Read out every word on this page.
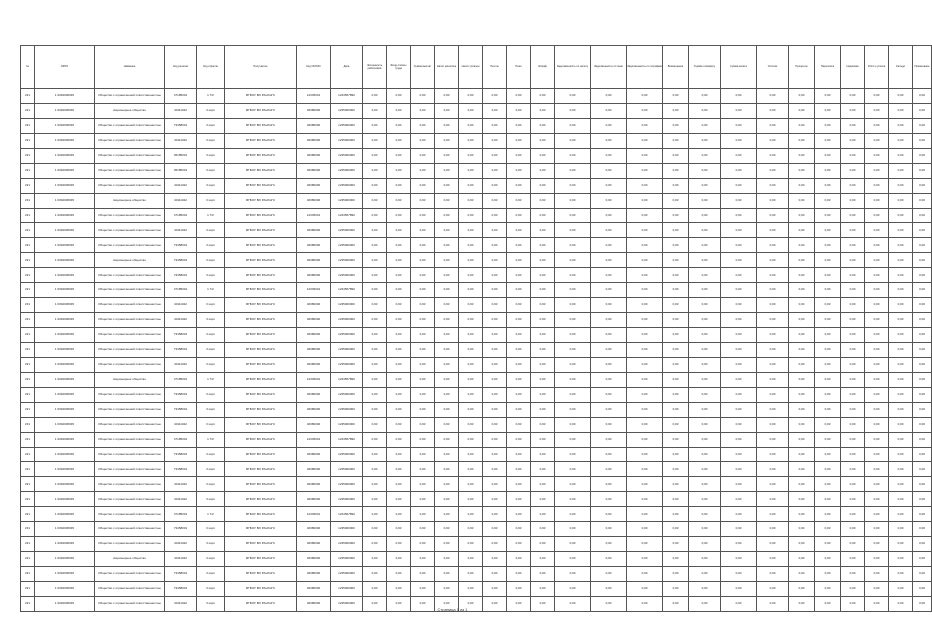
№	ОКПО	Название	Код региона	Код отрасли	Получатель	Код ОКТМО	Дата	Численность работников	Фонд оплаты труда	Сумма выплат	Налог начислен	Налог уплачен	Льготы	Пени	Штраф	Задолженность по налогу	Задолженность по пени	Задолженность по штрафам	Возмещение	Сумма к возврату	Сумма зачета	Остаток	Проценты	Переплата	Недоимка	Итого к уплате	Сальдо	Примечание
231	1 0094006645	Общество с ограниченной ответственностью	47185001	1 7/2	ФГБОУ ВО РАНХиГС	12345001	1234567890	0,00	0,00	0,00	0,00	0,00	0,00	0,00	0,00	0,00	0,00	0,00	0,00	0,00	0,00	0,00	0,00	0,00	0,00	0,00	0,00	0,00
231	1 0094006645	Акционерное общество	40111022	3 корп	ФГБОУ ВО РАНХиГС	46380000	1235000000	0,00	0,00	0,00	0,00	0,00	0,00	0,00	0,00	0,00	0,00	0,00	0,00	0,00	0,00	0,00	0,00	0,00	0,00	0,00	0,00	0,00
231	1 0094006645	Общество с ограниченной ответственностью	73458001	3 корп	ФГБОУ ВО РАНХиГС	46380000	1235000000	0,00	0,00	0,00	0,00	0,00	0,00	0,00	0,00	0,00	0,00	0,00	0,00	0,00	0,00	0,00	0,00	0,00	0,00	0,00	0,00	0,00
231	1 0094006645	Общество с ограниченной ответственностью	40111022	3 корп	ФГБОУ ВО РАНХиГС	46380000	1235000000	0,00	0,00	0,00	0,00	0,00	0,00	0,00	0,00	0,00	0,00	0,00	0,00	0,00	0,00	0,00	0,00	0,00	0,00	0,00	0,00	0,00
231	1 0094006645	Общество с ограниченной ответственностью	45185001	3 корп	ФГБОУ ВО РАНХиГС	46380000	1235000000	0,00	0,00	0,00	0,00	0,00	0,00	0,00	0,00	0,00	0,00	0,00	0,00	0,00	0,00	0,00	0,00	0,00	0,00	0,00	0,00	0,00
231	1 0094006645	Общество с ограниченной ответственностью	45185001	3 корп	ФГБОУ ВО РАНХиГС	46380000	1235000000	0,00	0,00	0,00	0,00	0,00	0,00	0,00	0,00	0,00	0,00	0,00	0,00	0,00	0,00	0,00	0,00	0,00	0,00	0,00	0,00	0,00
231	1 0094006645	Общество с ограниченной ответственностью	40111022	3 корп	ФГБОУ ВО РАНХиГС	46380000	1235000000	0,00	0,00	0,00	0,00	0,00	0,00	0,00	0,00	0,00	0,00	0,00	0,00	0,00	0,00	0,00	0,00	0,00	0,00	0,00	0,00	0,00
231	1 0094006645	Акционерное общество	40111022	3 корп	ФГБОУ ВО РАНХиГС	46380000	1235000000	0,00	0,00	0,00	0,00	0,00	0,00	0,00	0,00	0,00	0,00	0,00	0,00	0,00	0,00	0,00	0,00	0,00	0,00	0,00	0,00	0,00
231	1 0094006645	Общество с ограниченной ответственностью	47185001	1 7/2	ФГБОУ ВО РАНХиГС	12345001	1234567890	0,00	0,00	0,00	0,00	0,00	0,00	0,00	0,00	0,00	0,00	0,00	0,00	0,00	0,00	0,00	0,00	0,00	0,00	0,00	0,00	0,00
231	1 0094006645	Общество с ограниченной ответственностью	40111022	3 корп	ФГБОУ ВО РАНХиГС	46380000	1235000000	0,00	0,00	0,00	0,00	0,00	0,00	0,00	0,00	0,00	0,00	0,00	0,00	0,00	0,00	0,00	0,00	0,00	0,00	0,00	0,00	0,00
231	1 0094006645	Общество с ограниченной ответственностью	73458001	3 корп	ФГБОУ ВО РАНХиГС	46380000	1235000000	0,00	0,00	0,00	0,00	0,00	0,00	0,00	0,00	0,00	0,00	0,00	0,00	0,00	0,00	0,00	0,00	0,00	0,00	0,00	0,00	0,00
231	1 0094006645	Акционерное общество	73458001	3 корп	ФГБОУ ВО РАНХиГС	46380000	1235000000	0,00	0,00	0,00	0,00	0,00	0,00	0,00	0,00	0,00	0,00	0,00	0,00	0,00	0,00	0,00	0,00	0,00	0,00	0,00	0,00	0,00
231	1 0094006645	Общество с ограниченной ответственностью	73458001	3 корп	ФГБОУ ВО РАНХиГС	46380000	1235000000	0,00	0,00	0,00	0,00	0,00	0,00	0,00	0,00	0,00	0,00	0,00	0,00	0,00	0,00	0,00	0,00	0,00	0,00	0,00	0,00	0,00
231	1 0094006645	Общество с ограниченной ответственностью	47185001	1 7/2	ФГБОУ ВО РАНХиГС	12345001	1234567890	0,00	0,00	0,00	0,00	0,00	0,00	0,00	0,00	0,00	0,00	0,00	0,00	0,00	0,00	0,00	0,00	0,00	0,00	0,00	0,00	0,00
231	1 0094006645	Общество с ограниченной ответственностью	40111022	3 корп	ФГБОУ ВО РАНХиГС	46380000	1235000000	0,00	0,00	0,00	0,00	0,00	0,00	0,00	0,00	0,00	0,00	0,00	0,00	0,00	0,00	0,00	0,00	0,00	0,00	0,00	0,00	0,00
231	1 0094006645	Общество с ограниченной ответственностью	40111022	3 корп	ФГБОУ ВО РАНХиГС	46380000	1235000000	0,00	0,00	0,00	0,00	0,00	0,00	0,00	0,00	0,00	0,00	0,00	0,00	0,00	0,00	0,00	0,00	0,00	0,00	0,00	0,00	0,00
231	1 0094006645	Общество с ограниченной ответственностью	73458001	3 корп	ФГБОУ ВО РАНХиГС	46380000	1235000000	0,00	0,00	0,00	0,00	0,00	0,00	0,00	0,00	0,00	0,00	0,00	0,00	0,00	0,00	0,00	0,00	0,00	0,00	0,00	0,00	0,00
231	1 0094006645	Общество с ограниченной ответственностью	73458001	3 корп	ФГБОУ ВО РАНХиГС	46380000	1235000000	0,00	0,00	0,00	0,00	0,00	0,00	0,00	0,00	0,00	0,00	0,00	0,00	0,00	0,00	0,00	0,00	0,00	0,00	0,00	0,00	0,00
231	1 0094006645	Общество с ограниченной ответственностью	40111022	3 корп	ФГБОУ ВО РАНХиГС	46380000	1235000000	0,00	0,00	0,00	0,00	0,00	0,00	0,00	0,00	0,00	0,00	0,00	0,00	0,00	0,00	0,00	0,00	0,00	0,00	0,00	0,00	0,00
231	1 0094006645	Акционерное общество	47185001	1 7/2	ФГБОУ ВО РАНХиГС	12345001	1234567890	0,00	0,00	0,00	0,00	0,00	0,00	0,00	0,00	0,00	0,00	0,00	0,00	0,00	0,00	0,00	0,00	0,00	0,00	0,00	0,00	0,00
231	1 0094006645	Общество с ограниченной ответственностью	73458001	3 корп	ФГБОУ ВО РАНХиГС	46380000	1235000000	0,00	0,00	0,00	0,00	0,00	0,00	0,00	0,00	0,00	0,00	0,00	0,00	0,00	0,00	0,00	0,00	0,00	0,00	0,00	0,00	0,00
231	1 0094006645	Общество с ограниченной ответственностью	73458001	3 корп	ФГБОУ ВО РАНХиГС	46380000	1235000000	0,00	0,00	0,00	0,00	0,00	0,00	0,00	0,00	0,00	0,00	0,00	0,00	0,00	0,00	0,00	0,00	0,00	0,00	0,00	0,00	0,00
231	1 0094006645	Общество с ограниченной ответственностью	40111022	3 корп	ФГБОУ ВО РАНХиГС	46380000	1235000000	0,00	0,00	0,00	0,00	0,00	0,00	0,00	0,00	0,00	0,00	0,00	0,00	0,00	0,00	0,00	0,00	0,00	0,00	0,00	0,00	0,00
231	1 0094006645	Общество с ограниченной ответственностью	47185001	1 7/2	ФГБОУ ВО РАНХиГС	12345001	1234567890	0,00	0,00	0,00	0,00	0,00	0,00	0,00	0,00	0,00	0,00	0,00	0,00	0,00	0,00	0,00	0,00	0,00	0,00	0,00	0,00	0,00
231	1 0094006645	Общество с ограниченной ответственностью	73458001	3 корп	ФГБОУ ВО РАНХиГС	46380000	1235000000	0,00	0,00	0,00	0,00	0,00	0,00	0,00	0,00	0,00	0,00	0,00	0,00	0,00	0,00	0,00	0,00	0,00	0,00	0,00	0,00	0,00
231	1 0094006645	Общество с ограниченной ответственностью	73458001	3 корп	ФГБОУ ВО РАНХиГС	46380000	1235000000	0,00	0,00	0,00	0,00	0,00	0,00	0,00	0,00	0,00	0,00	0,00	0,00	0,00	0,00	0,00	0,00	0,00	0,00	0,00	0,00	0,00
231	1 0094006645	Общество с ограниченной ответственностью	40111022	3 корп	ФГБОУ ВО РАНХиГС	46380000	1235000000	0,00	0,00	0,00	0,00	0,00	0,00	0,00	0,00	0,00	0,00	0,00	0,00	0,00	0,00	0,00	0,00	0,00	0,00	0,00	0,00	0,00
231	1 0094006645	Общество с ограниченной ответственностью	40111022	3 корп	ФГБОУ ВО РАНХиГС	46380000	1235000000	0,00	0,00	0,00	0,00	0,00	0,00	0,00	0,00	0,00	0,00	0,00	0,00	0,00	0,00	0,00	0,00	0,00	0,00	0,00	0,00	0,00
231	1 0094006645	Общество с ограниченной ответственностью	47185001	1 7/2	ФГБОУ ВО РАНХиГС	12345001	1234567890	0,00	0,00	0,00	0,00	0,00	0,00	0,00	0,00	0,00	0,00	0,00	0,00	0,00	0,00	0,00	0,00	0,00	0,00	0,00	0,00	0,00
231	1 0094006645	Общество с ограниченной ответственностью	73458001	3 корп	ФГБОУ ВО РАНХиГС	46380000	1235000000	0,00	0,00	0,00	0,00	0,00	0,00	0,00	0,00	0,00	0,00	0,00	0,00	0,00	0,00	0,00	0,00	0,00	0,00	0,00	0,00	0,00
231	1 0094006645	Общество с ограниченной ответственностью	40111022	3 корп	ФГБОУ ВО РАНХиГС	46380000	1235000000	0,00	0,00	0,00	0,00	0,00	0,00	0,00	0,00	0,00	0,00	0,00	0,00	0,00	0,00	0,00	0,00	0,00	0,00	0,00	0,00	0,00
231	1 0094006645	Акционерное общество	40111022	3 корп	ФГБОУ ВО РАНХиГС	46380000	1235000000	0,00	0,00	0,00	0,00	0,00	0,00	0,00	0,00	0,00	0,00	0,00	0,00	0,00	0,00	0,00	0,00	0,00	0,00	0,00	0,00	0,00
231	1 0094006645	Общество с ограниченной ответственностью	73458001	3 корп	ФГБОУ ВО РАНХиГС	46380000	1235000000	0,00	0,00	0,00	0,00	0,00	0,00	0,00	0,00	0,00	0,00	0,00	0,00	0,00	0,00	0,00	0,00	0,00	0,00	0,00	0,00	0,00
231	1 0094006645	Общество с ограниченной ответственностью	73458001	3 корп	ФГБОУ ВО РАНХиГС	46380000	1235000000	0,00	0,00	0,00	0,00	0,00	0,00	0,00	0,00	0,00	0,00	0,00	0,00	0,00	0,00	0,00	0,00	0,00	0,00	0,00	0,00	0,00
231	1 0094006645	Общество с ограниченной ответственностью	40111022	3 корп	ФГБОУ ВО РАНХиГС	46380000	1235000000	0,00	0,00	0,00	0,00	0,00	0,00	0,00	0,00	0,00	0,00	0,00	0,00	0,00	0,00	0,00	0,00	0,00	0,00	0,00	0,00	0,00
Страница 1 из 1
